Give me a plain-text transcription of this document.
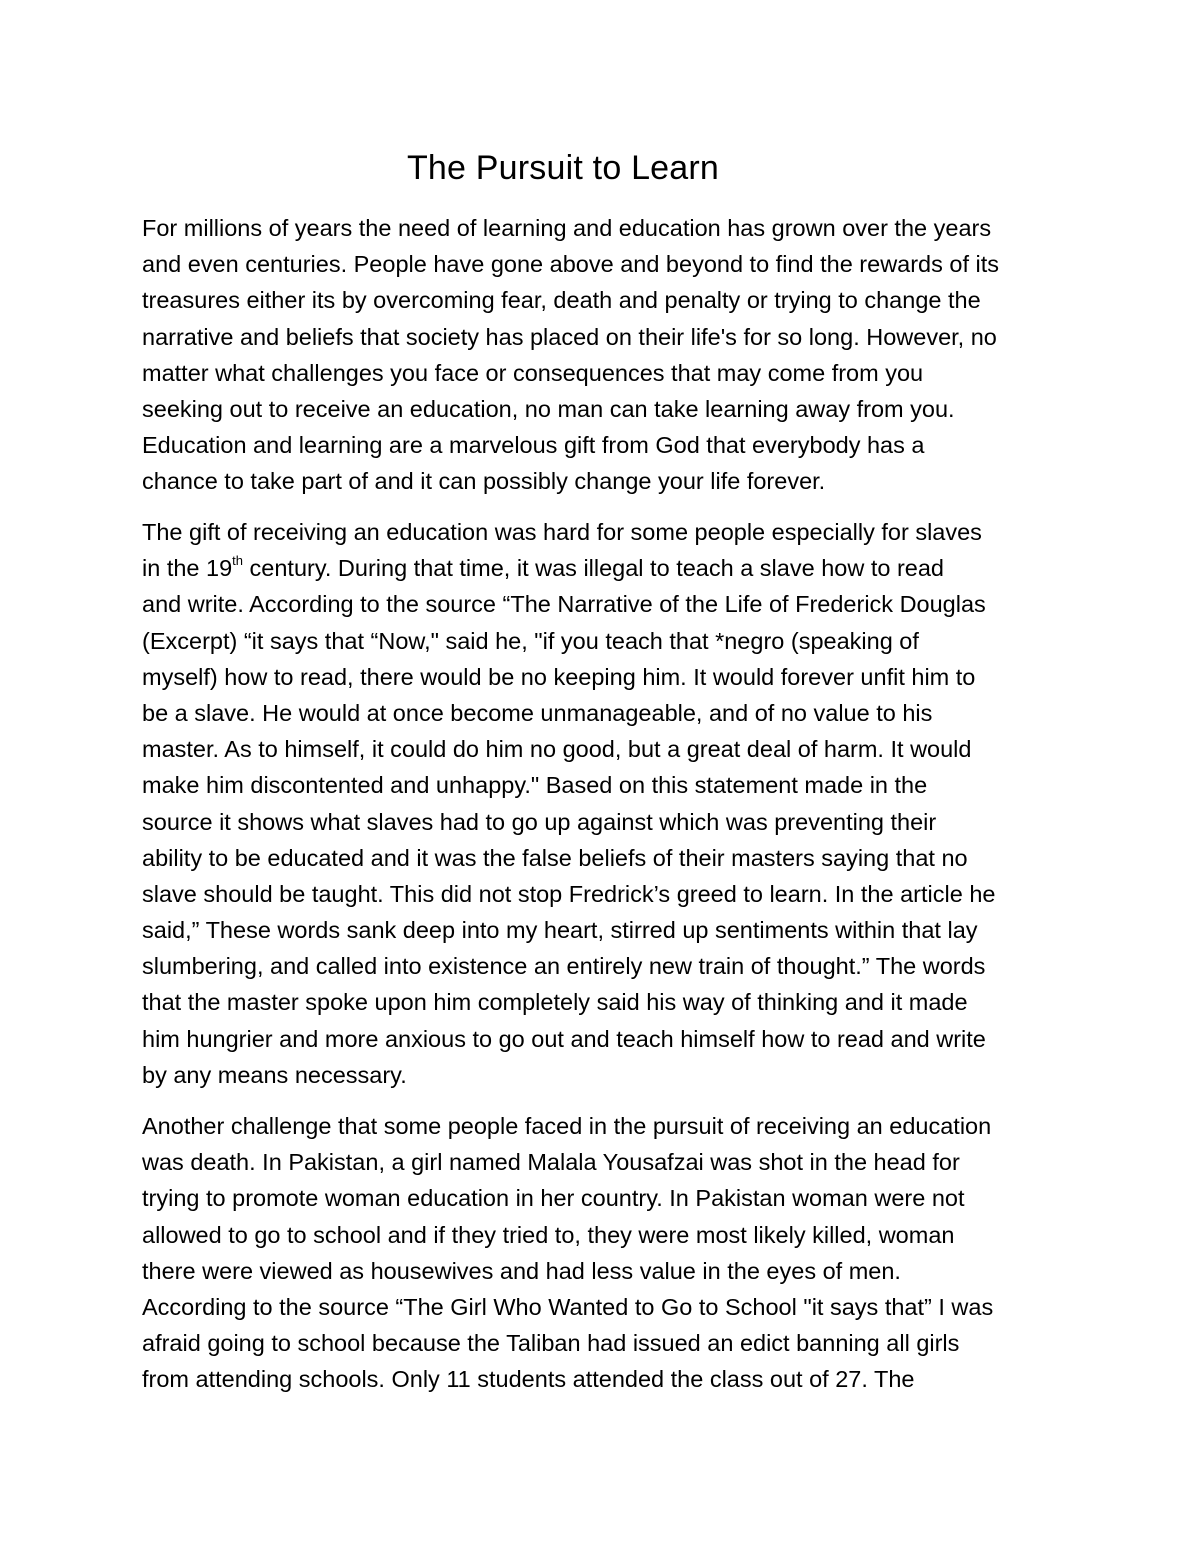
The Pursuit to Learn
For millions of years the need of learning and education has grown over the years
and even centuries. People have gone above and beyond to find the rewards of its
treasures either its by overcoming fear, death and penalty or trying to change the
narrative and beliefs that society has placed on their life's for so long. However, no
matter what challenges you face or consequences that may come from you
seeking out to receive an education, no man can take learning away from you.
Education and learning are a marvelous gift from God that everybody has a
chance to take part of and it can possibly change your life forever.
The gift of receiving an education was hard for some people especially for slaves
in the 19th century. During that time, it was illegal to teach a slave how to read
and write. According to the source “The Narrative of the Life of Frederick Douglas
(Excerpt) “it says that “Now," said he, "if you teach that *negro (speaking of
myself) how to read, there would be no keeping him. It would forever unfit him to
be a slave. He would at once become unmanageable, and of no value to his
master. As to himself, it could do him no good, but a great deal of harm. It would
make him discontented and unhappy." Based on this statement made in the
source it shows what slaves had to go up against which was preventing their
ability to be educated and it was the false beliefs of their masters saying that no
slave should be taught. This did not stop Fredrick’s greed to learn. In the article he
said,” These words sank deep into my heart, stirred up sentiments within that lay
slumbering, and called into existence an entirely new train of thought.” The words
that the master spoke upon him completely said his way of thinking and it made
him hungrier and more anxious to go out and teach himself how to read and write
by any means necessary.
Another challenge that some people faced in the pursuit of receiving an education
was death. In Pakistan, a girl named Malala Yousafzai was shot in the head for
trying to promote woman education in her country. In Pakistan woman were not
allowed to go to school and if they tried to, they were most likely killed, woman
there were viewed as housewives and had less value in the eyes of men.
According to the source “The Girl Who Wanted to Go to School "it says that” I was
afraid going to school because the Taliban had issued an edict banning all girls
from attending schools. Only 11 students attended the class out of 27. The
